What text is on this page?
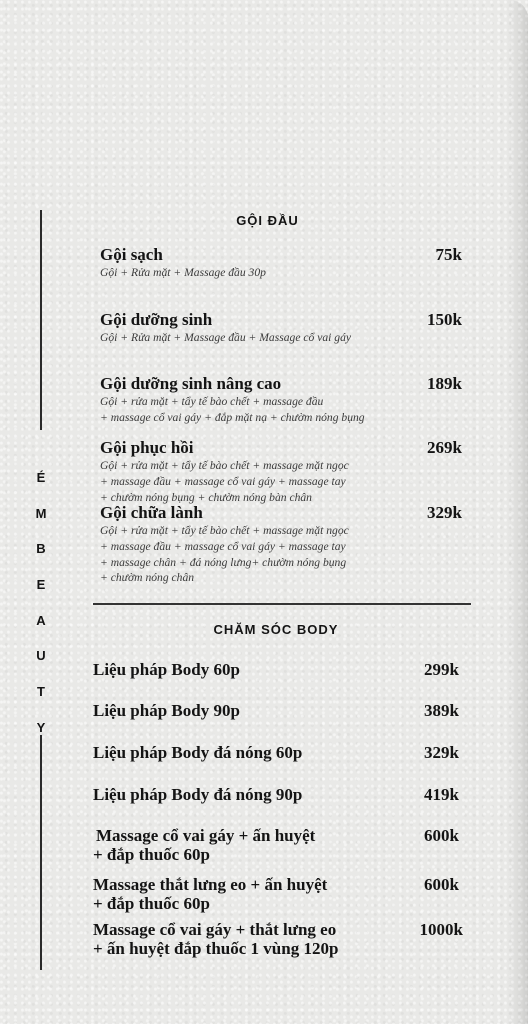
É
M
B
E
A
U
T
Y
GỘI ĐẦU
Gội sạch	75k
Gội + Rửa mặt + Massage đầu 30p
Gội dưỡng sinh	150k
Gội + Rửa mặt + Massage đầu + Massage cổ vai gáy
Gội dưỡng sinh nâng cao	189k
Gội + rửa mặt + tẩy tế bào chết + massage đầu
+ massage cổ vai gáy + đắp mặt nạ + chườm nóng bụng
Gội phục hồi	269k
Gội + rửa mặt + tẩy tế bào chết + massage mặt ngọc
+ massage đầu + massage cổ vai gáy + massage tay
+ chườm nóng bụng + chườm nóng bàn chân
Gội chữa lành	329k
Gội + rửa mặt + tẩy tế bào chết + massage mặt ngọc
+ massage đầu + massage cổ vai gáy + massage tay
+ massage chân + đá nóng lưng+ chườm nóng bụng
+ chườm nóng chân
CHĂM SÓC BODY
Liệu pháp Body 60p	299k
Liệu pháp Body 90p	389k
Liệu pháp Body đá nóng 60p	329k
Liệu pháp Body đá nóng 90p	419k
Massage cổ vai gáy + ấn huyệt
+ đắp thuốc 60p
600k
Massage thắt lưng eo + ấn huyệt
+ đắp thuốc 60p
600k
Massage cổ vai gáy + thắt lưng eo
+ ấn huyệt đắp thuốc 1 vùng 120p
1000k
